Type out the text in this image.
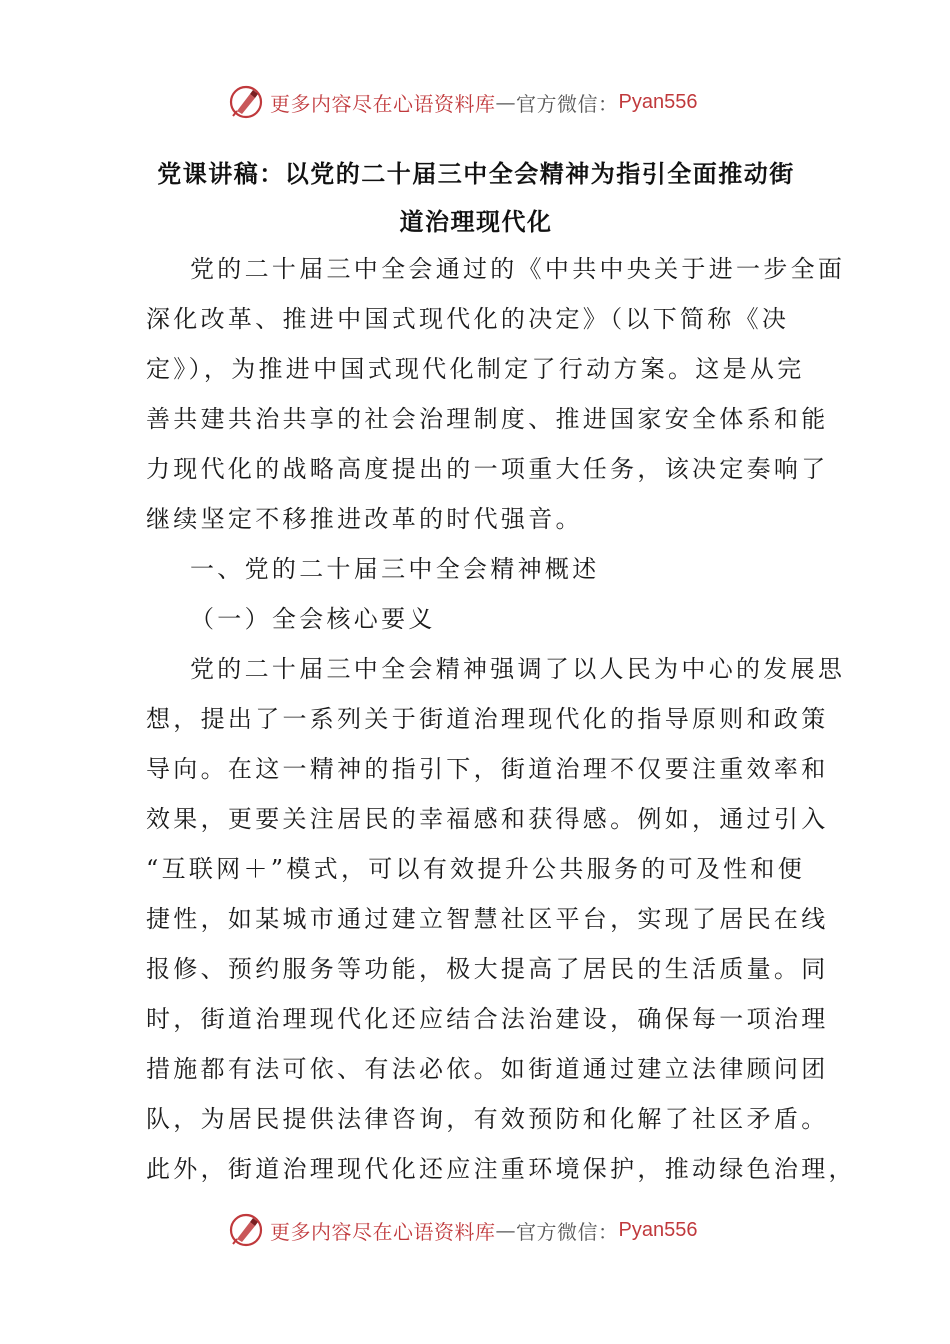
更多内容尽在心语资料库 — 官方微信： Pyan556
党课讲稿：以党的二十届三中全会精神为指引全面推动街
道治理现代化
党的二十届三中全会通过的《中共中央关于进一步全面
深化改革、推进中国式现代化的决定》（以下简称《决
定》），为推进中国式现代化制定了行动方案。这是从完
善共建共治共享的社会治理制度、推进国家安全体系和能
力现代化的战略高度提出的一项重大任务，该决定奏响了
继续坚定不移推进改革的时代强音。
一、党的二十届三中全会精神概述
（一）全会核心要义
党的二十届三中全会精神强调了以人民为中心的发展思
想，提出了一系列关于街道治理现代化的指导原则和政策
导向。在这一精神的指引下，街道治理不仅要注重效率和
效果，更要关注居民的幸福感和获得感。例如，通过引入
“互联网＋”模式，可以有效提升公共服务的可及性和便
捷性，如某城市通过建立智慧社区平台，实现了居民在线
报修、预约服务等功能，极大提高了居民的生活质量。同
时，街道治理现代化还应结合法治建设，确保每一项治理
措施都有法可依、有法必依。如街道通过建立法律顾问团
队，为居民提供法律咨询，有效预防和化解了社区矛盾。
此外，街道治理现代化还应注重环境保护，推动绿色治理，
更多内容尽在心语资料库 — 官方微信： Pyan556
